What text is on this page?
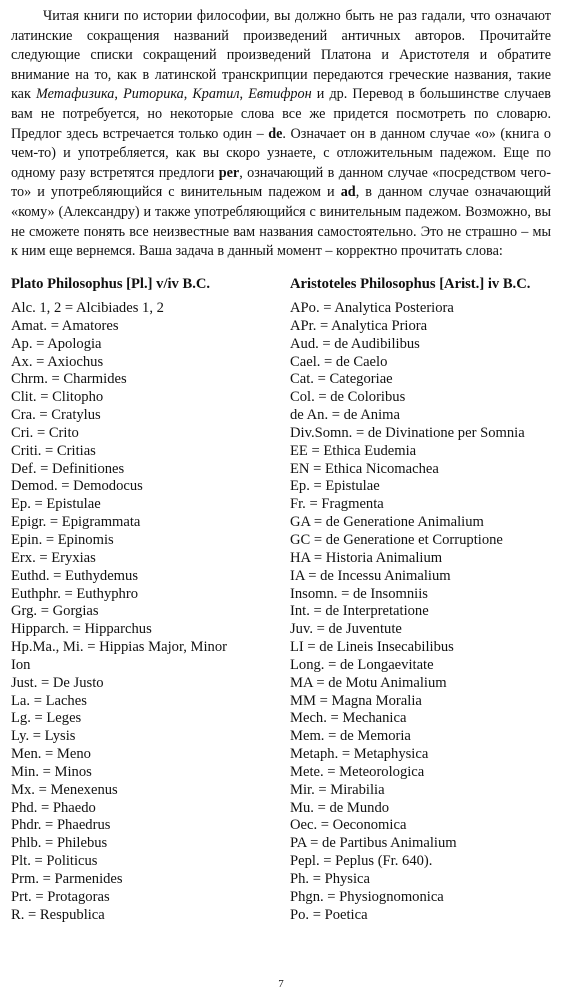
Читая книги по истории философии, вы должно быть не раз гадали, что означают латинские сокращения названий произведений античных авторов. Прочитайте следующие списки сокращений произведений Платона и Аристотеля и обратите внимание на то, как в латинской транскрипции передаются греческие названия, такие как Метафизика, Риторика, Кратил, Евтифрон и др. Перевод в большинстве случаев вам не потребуется, но некоторые слова все же придется посмотреть по словарю. Предлог здесь встречается только один – de. Означает он в данном случае «о» (книга о чем-то) и употребляется, как вы скоро узнаете, с отложительным падежом. Еще по одному разу встретятся предлоги per, означающий в данном случае «посредством чего-то» и употребляющийся с винительным падежом и ad, в данном случае означающий «кому» (Александру) и также употребляющийся с винительным падежом. Возможно, вы не сможете понять все неизвестные вам названия самостоятельно. Это не страшно – мы к ним еще вернемся. Ваша задача в данный момент – корректно прочитать слова:

Plato Philosophus [Pl.] v/iv B.C.
Alc. 1, 2 = Alcibiades 1, 2
Amat. = Amatores
Ap. = Apologia
Ax. = Axiochus
Chrm. = Charmides
Clit. = Clitopho
Cra. = Cratylus
Cri. = Crito
Criti. = Critias
Def. = Definitiones
Demod. = Demodocus
Ep. = Epistulae
Epigr. = Epigrammata
Epin. = Epinomis
Erx. = Eryxias
Euthd. = Euthydemus
Euthphr. = Euthyphro
Grg. = Gorgias
Hipparch. = Hipparchus
Hp.Ma., Mi. = Hippias Major, Minor
Ion
Just. = De Justo
La. = Laches
Lg. = Leges
Ly. = Lysis
Men. = Meno
Min. = Minos
Mx. = Menexenus
Phd. = Phaedo
Phdr. = Phaedrus
Phlb. = Philebus
Plt. = Politicus
Prm. = Parmenides
Prt. = Protagoras
R. = Respublica
Aristoteles Philosophus [Arist.] iv B.C.
APo. = Analytica Posteriora
APr. = Analytica Priora
Aud. = de Audibilibus
Cael. = de Caelo
Cat. = Categoriae
Col. = de Coloribus
de An. = de Anima
Div.Somn. = de Divinatione per Somnia
EE = Ethica Eudemia
EN = Ethica Nicomachea
Ep. = Epistulae
Fr. = Fragmenta
GA = de Generatione Animalium
GC = de Generatione et Corruptione
HA = Historia Animalium
IA = de Incessu Animalium
Insomn. = de Insomniis
Int. = de Interpretatione
Juv. = de Juventute
LI = de Lineis Insecabilibus
Long. = de Longaevitate
MA = de Motu Animalium
MM = Magna Moralia
Mech. = Mechanica
Mem. = de Memoria
Metaph. = Metaphysica
Mete. = Meteorologica
Mir. = Mirabilia
Mu. = de Mundo
Oec. = Oeconomica
PA = de Partibus Animalium
Pepl. = Peplus (Fr. 640).
Ph. = Physica
Phgn. = Physiognomonica
Po. = Poetica
7
